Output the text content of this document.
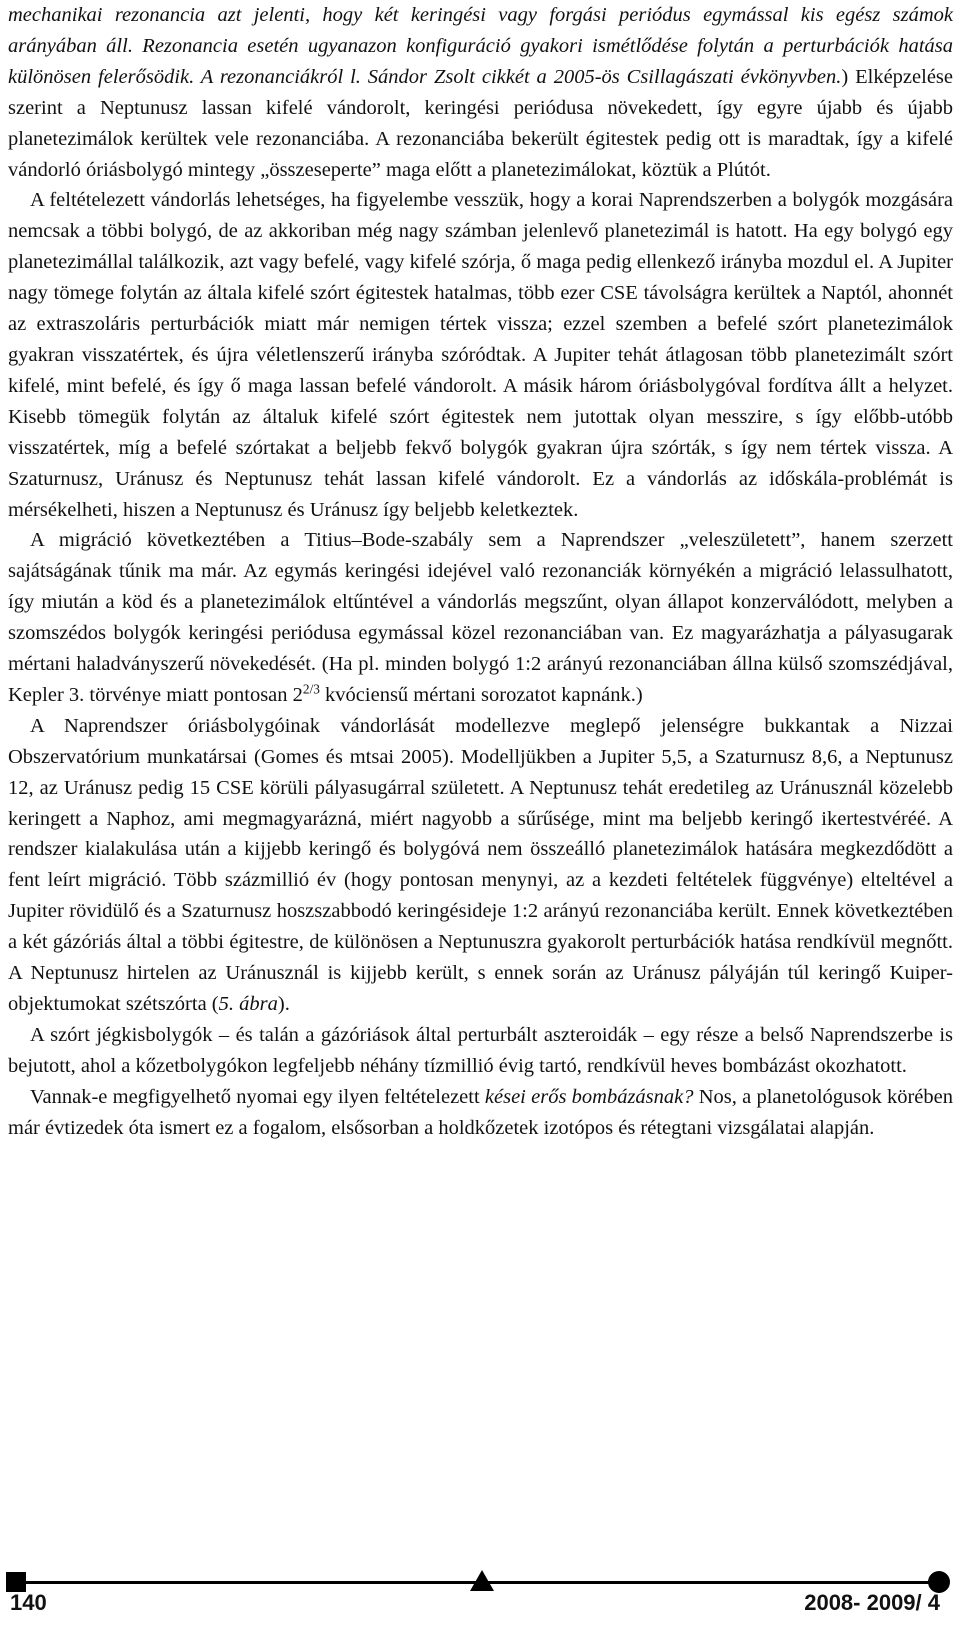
mechanikai rezonancia azt jelenti, hogy két keringési vagy forgási periódus egymással kis egész számok arányában áll. Rezonancia esetén ugyanazon konfiguráció gyakori ismétlődése folytán a perturbációk hatása különösen felerősödik. A rezonanciákról l. Sándor Zsolt cikkét a 2005-ös Csillagászati évkönyvben.) Elképzelése szerint a Neptunusz lassan kifelé vándorolt, keringési periódusa növekedett, így egyre újabb és újabb planetezimálok kerültek vele rezonanciába. A rezonanciába bekerült égitestek pedig ott is maradtak, így a kifelé vándorló óriásbolygó mintegy „összeseperte” maga előtt a planetezimálokat, köztük a Plútót.

A feltételezett vándorlás lehetséges, ha figyelembe vesszük, hogy a korai Naprendszerben a bolygók mozgására nemcsak a többi bolygó, de az akkoriban még nagy számban jelenlevő planetezimál is hatott. Ha egy bolygó egy planetezimállal találkozik, azt vagy befelé, vagy kifelé szórja, ő maga pedig ellenkező irányba mozdul el. A Jupiter nagy tömege folytán az általa kifelé szórt égitestek hatalmas, több ezer CSE távolságra kerültek a Naptól, ahonnét az extraszoláris perturbációk miatt már nemigen tértek vissza; ezzel szemben a befelé szórt planetezimálok gyakran visszatértek, és újra véletlenszerű irányba szóródtak. A Jupiter tehát átlagosan több planetezimált szórt kifelé, mint befelé, és így ő maga lassan befelé vándorolt. A másik három óriásbolygóval fordítva állt a helyzet. Kisebb tömegük folytán az általuk kifelé szórt égitestek nem jutottak olyan messzire, s így előbb-utóbb visszatértek, míg a befelé szórtakat a beljebb fekvő bolygók gyakran újra szórták, s így nem tértek vissza. A Szaturnusz, Uránusz és Neptunusz tehát lassan kifelé vándorolt. Ez a vándorlás az időskála-problémát is mérsékelheti, hiszen a Neptunusz és Uránusz így beljebb keletkeztek.

A migráció következtében a Titius–Bode-szabály sem a Naprendszer „veleszületett”, hanem szerzett sajátságának tűnik ma már. Az egymás keringési idejével való rezonanciák környékén a migráció lelassulhatott, így miután a köd és a planetezimálok eltűntével a vándorlás megszűnt, olyan állapot konzerválódott, melyben a szomszédos bolygók keringési periódusa egymással közel rezonanciában van. Ez magyarázhatja a pályasugarak mértani haladványszerű növekedését. (Ha pl. minden bolygó 1:2 arányú rezonanciában állna külső szomszédjával, Kepler 3. törvénye miatt pontosan $2^{2/3}$ kvóciensű mértani sorozatot kapnánk.)

A Naprendszer óriásbolygóinak vándorlását modellezve meglepő jelenségre bukkantak a Nizzai Obszervatórium munkatársai (Gomes és mtsai 2005). Modelljükben a Jupiter 5,5, a Szaturnusz 8,6, a Neptunusz 12, az Uránusz pedig 15 CSE körüli pályasugárral született. A Neptunusz tehát eredetileg az Uránusznál közelebb keringett a Naphoz, ami megmagyarázná, miért nagyobb a sűrűsége, mint ma beljebb keringő ikertestvéréé. A rendszer kialakulása után a kijjebb keringő és bolygóvá nem összeálló planetezimálok hatására megkezdődött a fent leírt migráció. Több százmillió év (hogy pontosan menynyi, az a kezdeti feltételek függvénye) elteltével a Jupiter rövidülő és a Szaturnusz hoszszabbodó keringésideje 1:2 arányú rezonanciába került. Ennek következtében a két gázóriás által a többi égitestre, de különösen a Neptunuszra gyakorolt perturbációk hatása rendkívül megnőtt. A Neptunusz hirtelen az Uránusznál is kijjebb került, s ennek során az Uránusz pályáján túl keringő Kuiper-objektumokat szétszórta (5. ábra).

A szórt jégkisbolygók – és talán a gázóriások által perturbált aszteroidák – egy része a belső Naprendszerbe is bejutott, ahol a kőzetbolygókon legfeljebb néhány tízmillió évig tartó, rendkívül heves bombázást okozhatott.

Vannak-e megfigyelhető nyomai egy ilyen feltételezett kései erős bombázásnak? Nos, a planetológusok körében már évtizedek óta ismert ez a fogalom, elsősorban a holdkőzetek izotópos és rétegtani vizsgálatai alapján.

140	2008- 2009/ 4
